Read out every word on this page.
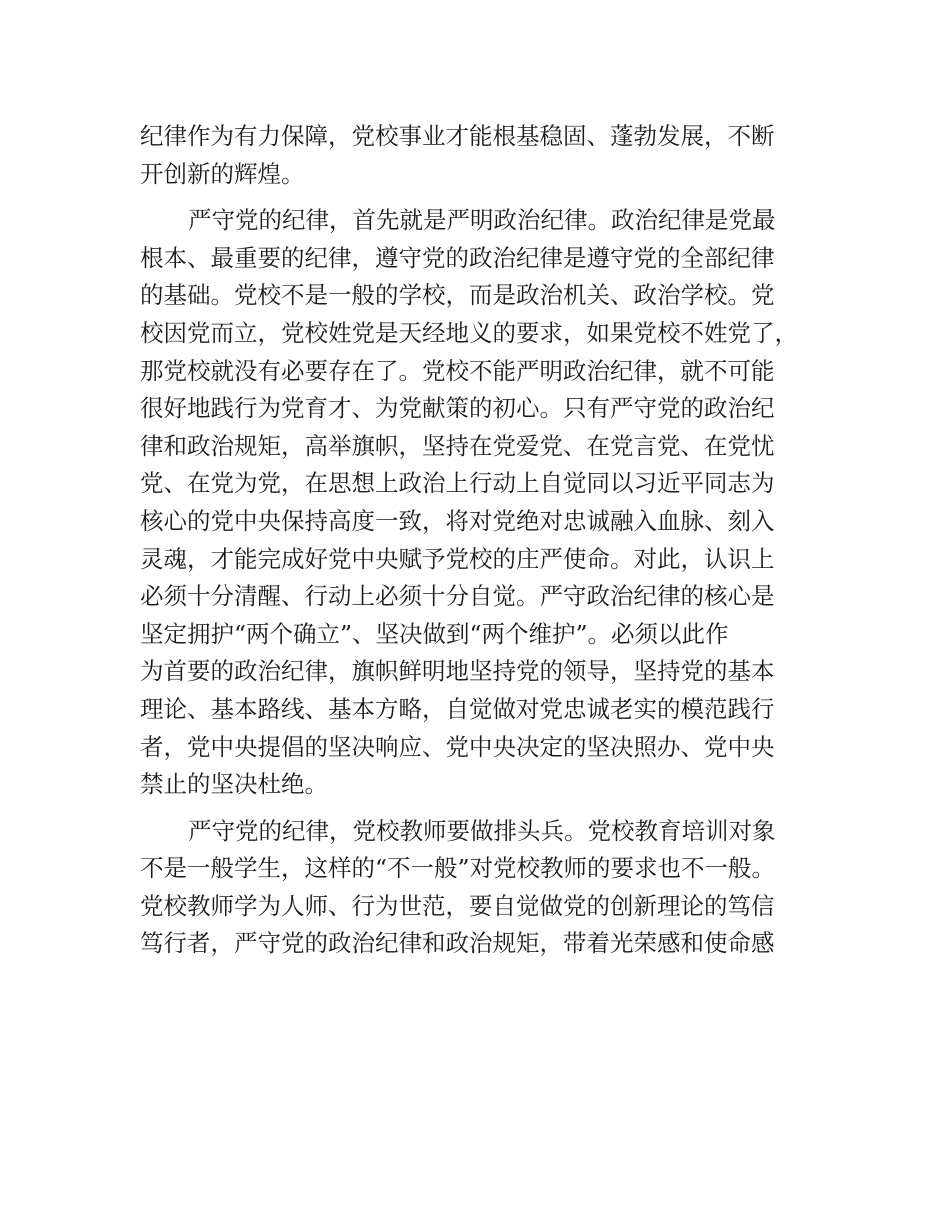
纪律作为有力保障，党校事业才能根基稳固、蓬勃发展，不断

开创新的辉煌。

严守党的纪律，首先就是严明政治纪律。政治纪律是党最

根本、最重要的纪律，遵守党的政治纪律是遵守党的全部纪律

的基础。党校不是一般的学校，而是政治机关、政治学校。党

校因党而立，党校姓党是天经地义的要求，如果党校不姓党了，

那党校就没有必要存在了。党校不能严明政治纪律，就不可能

很好地践行为党育才、为党献策的初心。只有严守党的政治纪

律和政治规矩，高举旗帜，坚持在党爱党、在党言党、在党忧

党、在党为党，在思想上政治上行动上自觉同以习近平同志为

核心的党中央保持高度一致，将对党绝对忠诚融入血脉、刻入

灵魂，才能完成好党中央赋予党校的庄严使命。对此，认识上

必须十分清醒、行动上必须十分自觉。严守政治纪律的核心是

坚定拥护“两个确立”、坚决做到“两个维护”。必须以此作

为首要的政治纪律，旗帜鲜明地坚持党的领导，坚持党的基本

理论、基本路线、基本方略，自觉做对党忠诚老实的模范践行

者，党中央提倡的坚决响应、党中央决定的坚决照办、党中央

禁止的坚决杜绝。

严守党的纪律，党校教师要做排头兵。党校教育培训对象

不是一般学生，这样的“不一般”对党校教师的要求也不一般。

党校教师学为人师、行为世范，要自觉做党的创新理论的笃信

笃行者，严守党的政治纪律和政治规矩，带着光荣感和使命感
